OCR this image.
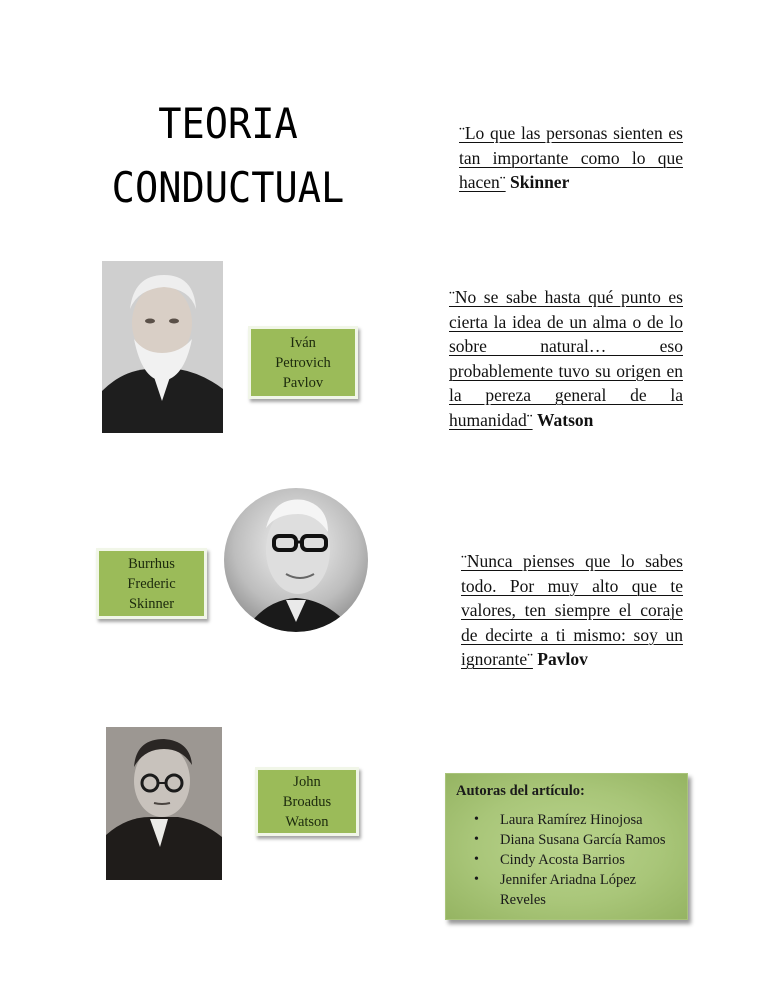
TEORIA
CONDUCTUAL
¨Lo que las personas sienten es tan importante como lo que hacen¨ Skinner
¨No se sabe hasta qué punto es cierta la idea de un alma o de lo sobre natural… eso probablemente tuvo su origen en la pereza general de la humanidad¨ Watson
¨Nunca pienses que lo sabes todo. Por muy alto que te valores, ten siempre el coraje de decirte a ti mismo: soy un ignorante¨ Pavlov
Iván
Petrovich
Pavlov
Burrhus
Frederic
Skinner
John
Broadus
Watson
Autoras del artículo:
• Laura Ramírez Hinojosa
• Diana Susana García Ramos
• Cindy Acosta Barrios
• Jennifer Ariadna López Reveles
